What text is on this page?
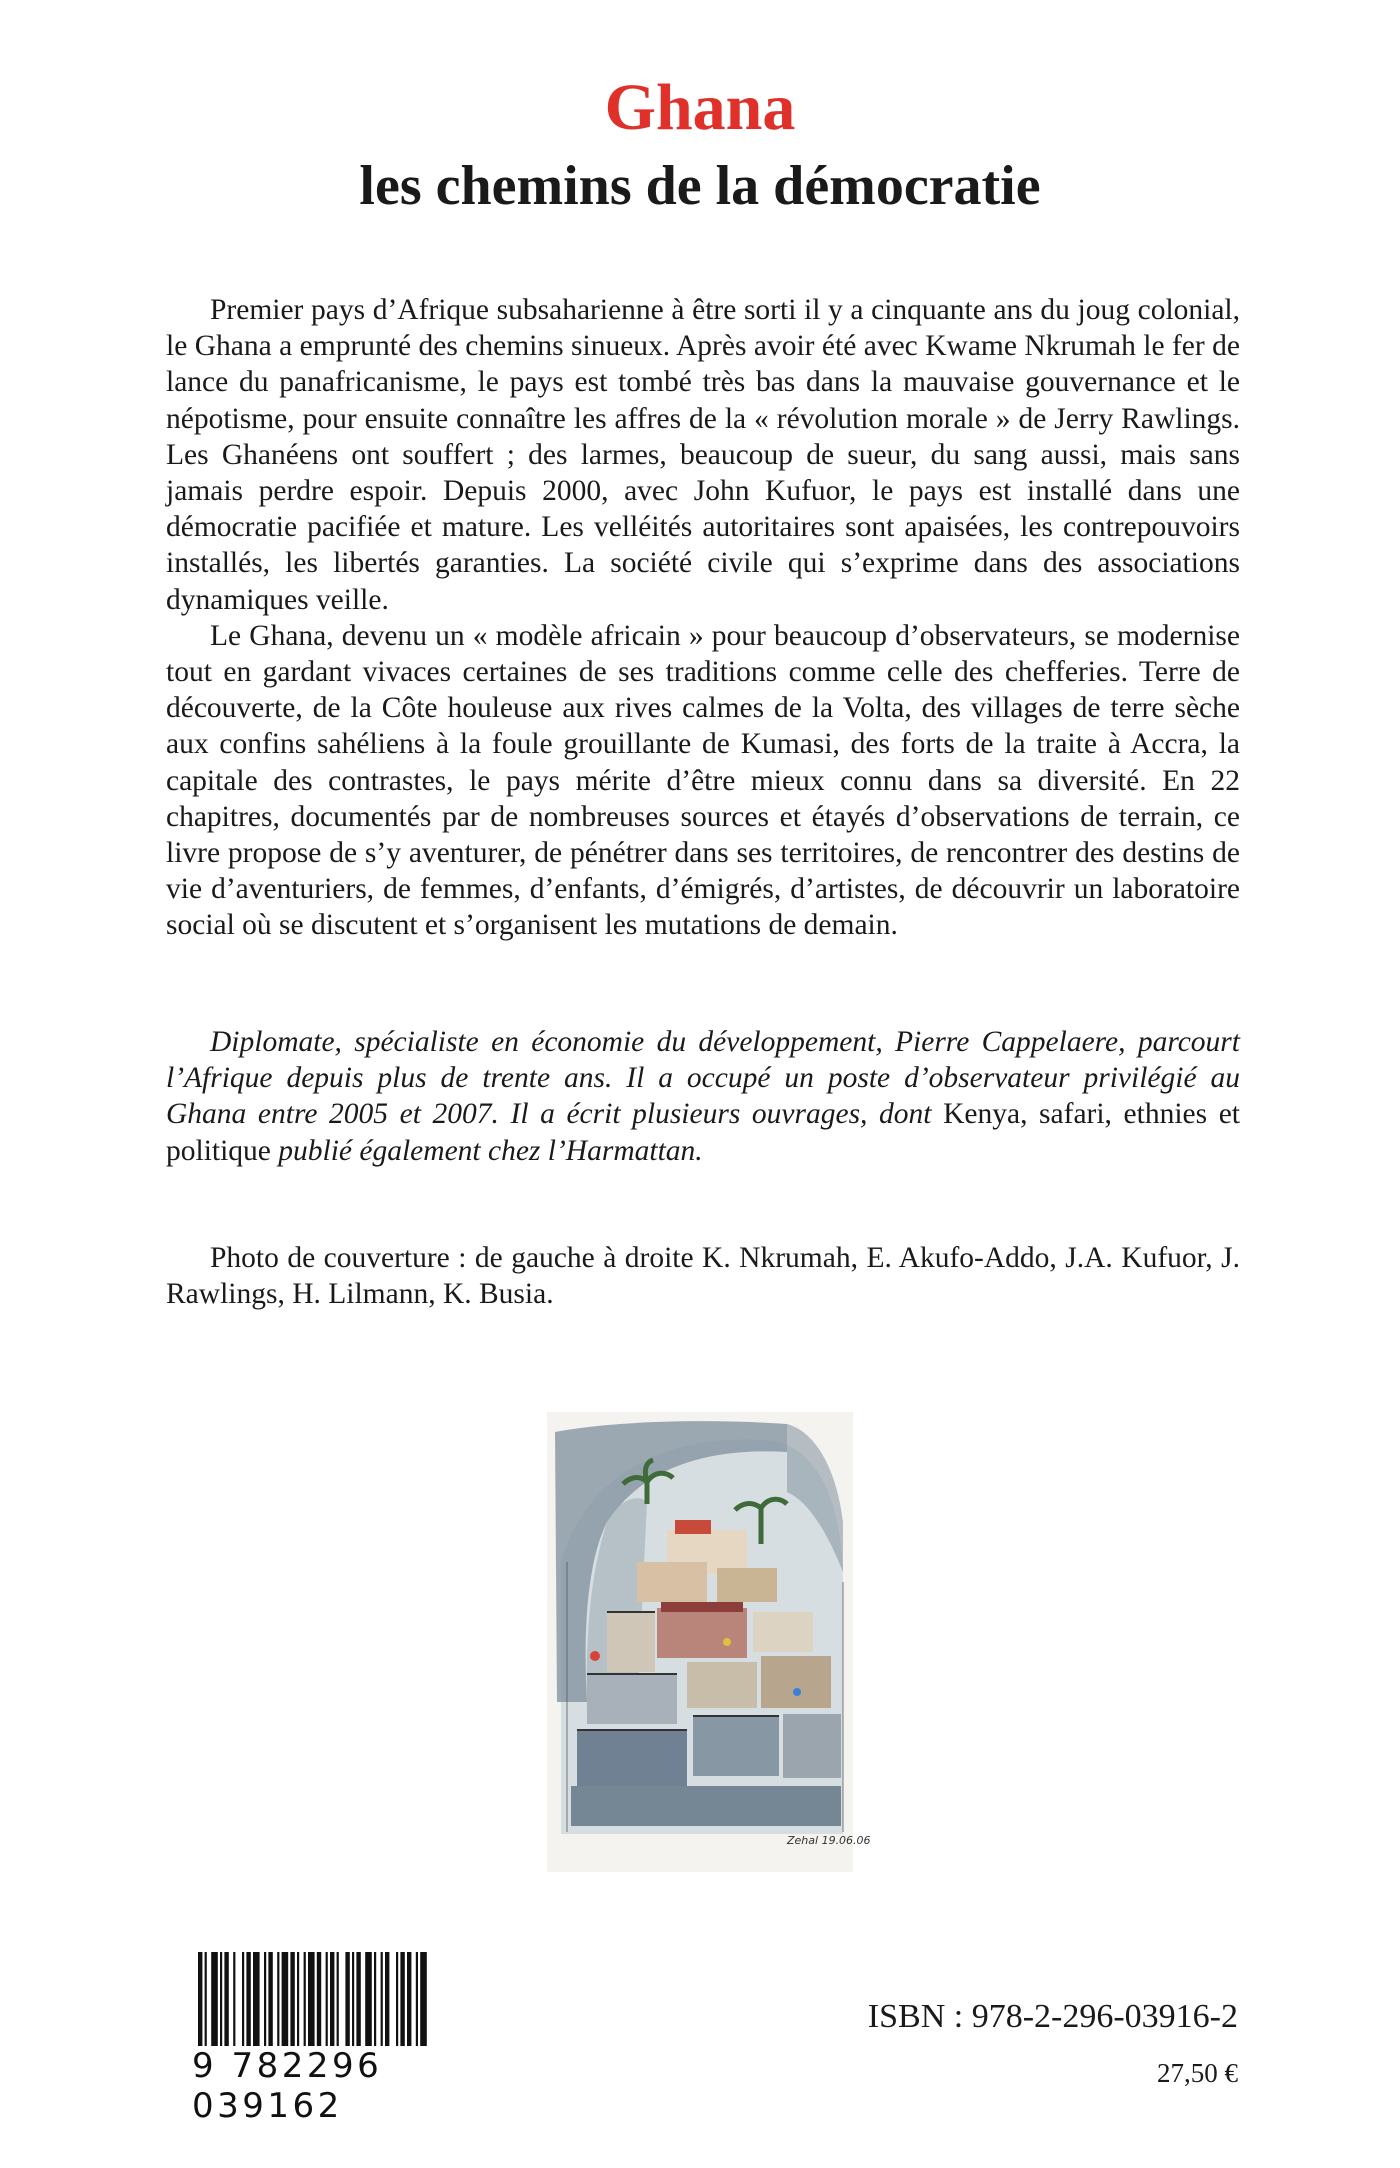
Ghana
les chemins de la démocratie

Premier pays d’Afrique subsaharienne à être sorti il y a cinquante ans du joug colonial, le Ghana a emprunté des chemins sinueux. Après avoir été avec Kwame Nkrumah le fer de lance du panafricanisme, le pays est tombé très bas dans la mauvaise gouvernance et le népotisme, pour ensuite connaître les affres de la « révolution morale » de Jerry Rawlings. Les Ghanéens ont souffert ; des larmes, beaucoup de sueur, du sang aussi, mais sans jamais perdre espoir. Depuis 2000, avec John Kufuor, le pays est installé dans une démocratie pacifiée et mature. Les velléités autoritaires sont apaisées, les contrepouvoirs installés, les libertés garanties. La société civile qui s’exprime dans des associations dynamiques veille.

Le Ghana, devenu un « modèle africain » pour beaucoup d’observateurs, se modernise tout en gardant vivaces certaines de ses traditions comme celle des chefferies. Terre de découverte, de la Côte houleuse aux rives calmes de la Volta, des villages de terre sèche aux confins sahéliens à la foule grouillante de Kumasi, des forts de la traite à Accra, la capitale des contrastes, le pays mérite d’être mieux connu dans sa diversité. En 22 chapitres, documentés par de nombreuses sources et étayés d’observations de terrain, ce livre propose de s’y aventurer, de pénétrer dans ses territoires, de rencontrer des destins de vie d’aventuriers, de femmes, d’enfants, d’émigrés, d’artistes, de découvrir un laboratoire social où se discutent et s’organisent les mutations de demain.

Diplomate, spécialiste en économie du développement, Pierre Cappelaere, parcourt l’Afrique depuis plus de trente ans. Il a occupé un poste d’observateur privilégié au Ghana entre 2005 et 2007. Il a écrit plusieurs ouvrages, dont Kenya, safari, ethnies et politique publié également chez l’Harmattan.

Photo de couverture : de gauche à droite K. Nkrumah, E. Akufo-Addo, J.A. Kufuor, J. Rawlings, H. Lilmann, K. Busia.

Zehal 19.06.06
9 782296 039162
ISBN : 978-2-296-03916-2
27,50 €
